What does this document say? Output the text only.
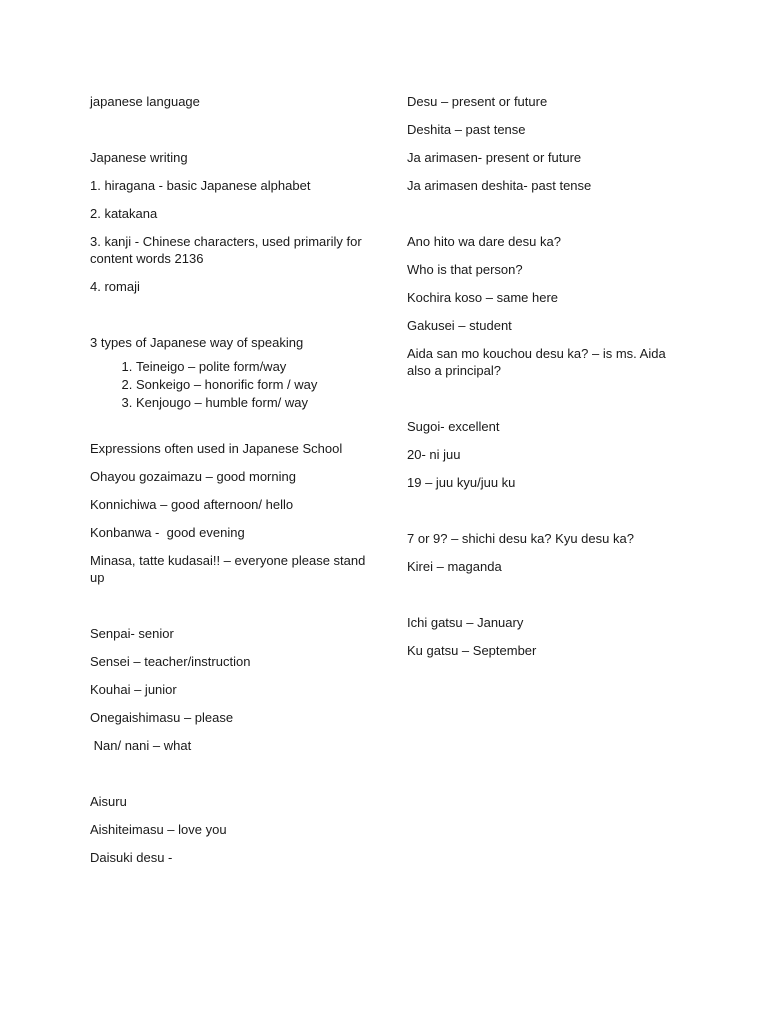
japanese language
Japanese writing
1. hiragana - basic Japanese alphabet
2. katakana
3. kanji - Chinese characters, used primarily for content words 2136
4. romaji
3 types of Japanese way of speaking
1. Teineigo – polite form/way
2. Sonkeigo – honorific form / way
3. Kenjougo – humble form/ way
Expressions often used in Japanese School
Ohayou gozaimazu – good morning
Konnichiwa – good afternoon/ hello
Konbanwa -  good evening
Minasa, tatte kudasai!! – everyone please stand up
Senpai- senior
Sensei – teacher/instruction
Kouhai – junior
Onegaishimasu – please
Nan/ nani – what
Aisuru
Aishiteimasu – love you
Daisuki desu -
Desu – present or future
Deshita – past tense
Ja arimasen- present or future
Ja arimasen deshita- past tense
Ano hito wa dare desu ka?
Who is that person?
Kochira koso – same here
Gakusei – student
Aida san mo kouchou desu ka? – is ms. Aida also a principal?
Sugoi- excellent
20- ni juu
19 – juu kyu/juu ku
7 or 9? – shichi desu ka? Kyu desu ka?
Kirei – maganda
Ichi gatsu – January
Ku gatsu – September
